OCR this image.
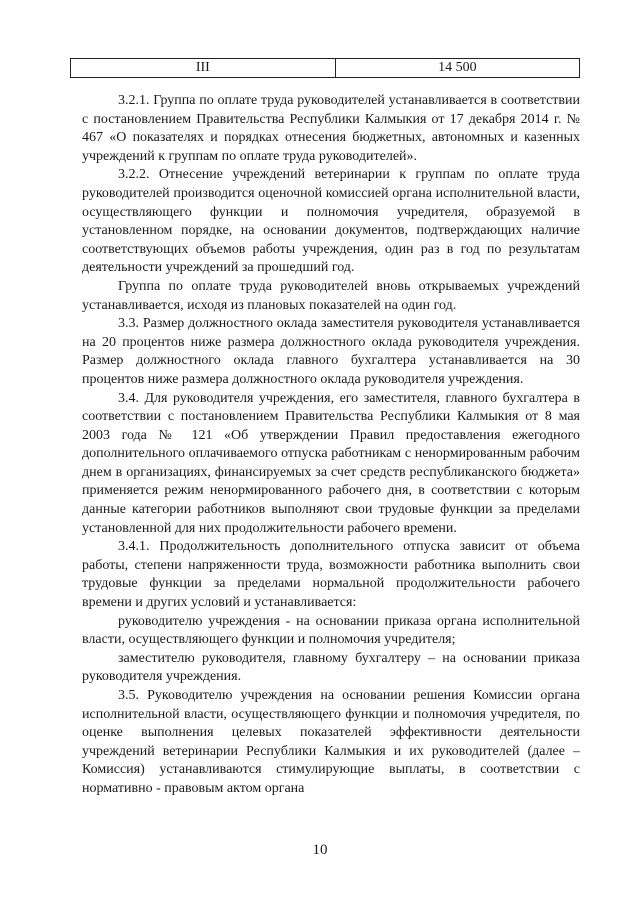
III	14 500

3.2.1. Группа по оплате труда руководителей устанавливается в соответствии с постановлением Правительства Республики Калмыкия от 17 декабря 2014 г. № 467 «О показателях и порядках отнесения бюджетных, автономных и казенных учреждений к группам по оплате труда руководителей».

3.2.2. Отнесение учреждений ветеринарии к группам по оплате труда руководителей производится оценочной комиссией органа исполнительной власти, осуществляющего функции и полномочия учредителя, образуемой в установленном порядке, на основании документов, подтверждающих наличие соответствующих объемов работы учреждения, один раз в год по результатам деятельности учреждений за прошедший год.

Группа по оплате труда руководителей вновь открываемых учреждений устанавливается, исходя из плановых показателей на один год.

3.3. Размер должностного оклада заместителя руководителя устанавливается на 20 процентов ниже размера должностного оклада руководителя учреждения. Размер должностного оклада главного бухгалтера устанавливается на 30 процентов ниже размера должностного оклада руководителя учреждения.

3.4. Для руководителя учреждения, его заместителя, главного бухгалтера в соответствии с постановлением Правительства Республики Калмыкия от 8 мая 2003 года № 121 «Об утверждении Правил предоставления ежегодного дополнительного оплачиваемого отпуска работникам с ненормированным рабочим днем в организациях, финансируемых за счет средств республиканского бюджета» применяется режим ненормированного рабочего дня, в соответствии с которым данные категории работников выполняют свои трудовые функции за пределами установленной для них продолжительности рабочего времени.

3.4.1. Продолжительность дополнительного отпуска зависит от объема работы, степени напряженности труда, возможности работника выполнить свои трудовые функции за пределами нормальной продолжительности рабочего времени и других условий и устанавливается:

руководителю учреждения - на основании приказа органа исполнительной власти, осуществляющего функции и полномочия учредителя;

заместителю руководителя, главному бухгалтеру – на основании приказа руководителя учреждения.

3.5. Руководителю учреждения на основании решения Комиссии органа исполнительной власти, осуществляющего функции и полномочия учредителя, по оценке выполнения целевых показателей эффективности деятельности учреждений ветеринарии Республики Калмыкия и их руководителей (далее – Комиссия) устанавливаются стимулирующие выплаты, в соответствии с нормативно - правовым актом органа

10
